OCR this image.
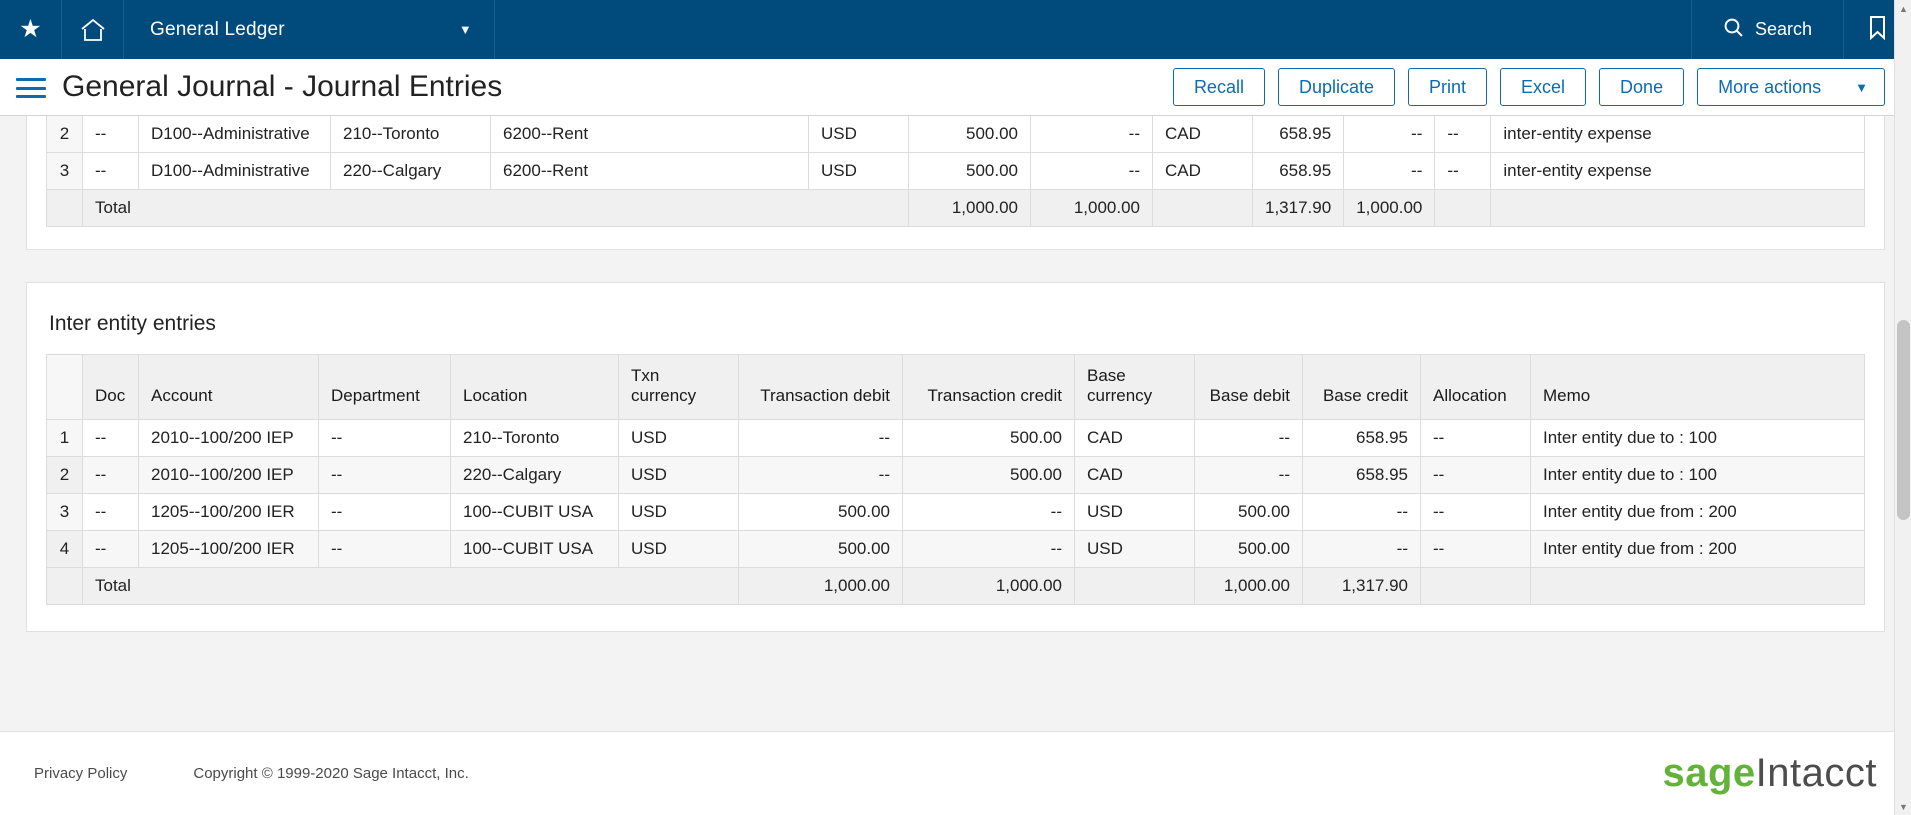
★	General Ledger	▼	Search
General Journal - Journal Entries	Recall	Duplicate	Print	Excel	Done	More actions	▼
2	--	D100--Administrative	210--Toronto	6200--Rent	USD	500.00	--	CAD	658.95	--	--	inter-entity expense
3	--	D100--Administrative	220--Calgary	6200--Rent	USD	500.00	--	CAD	658.95	--	--	inter-entity expense
	Total					1,000.00	1,000.00		1,317.90	1,000.00		
Inter entity entries
	Doc	Account	Department	Location	Txn currency	Transaction debit	Transaction credit	Base currency	Base debit	Base credit	Allocation	Memo
1	--	2010--100/200 IEP	--	210--Toronto	USD	--	500.00	CAD	--	658.95	--	Inter entity due to : 100
2	--	2010--100/200 IEP	--	220--Calgary	USD	--	500.00	CAD	--	658.95	--	Inter entity due to : 100
3	--	1205--100/200 IER	--	100--CUBIT USA	USD	500.00	--	USD	500.00	--	--	Inter entity due from : 200
4	--	1205--100/200 IER	--	100--CUBIT USA	USD	500.00	--	USD	500.00	--	--	Inter entity due from : 200
	Total					1,000.00	1,000.00		1,000.00	1,317.90		
Privacy Policy	Copyright © 1999-2020 Sage Intacct, Inc.	sageIntacct
▲
▼
